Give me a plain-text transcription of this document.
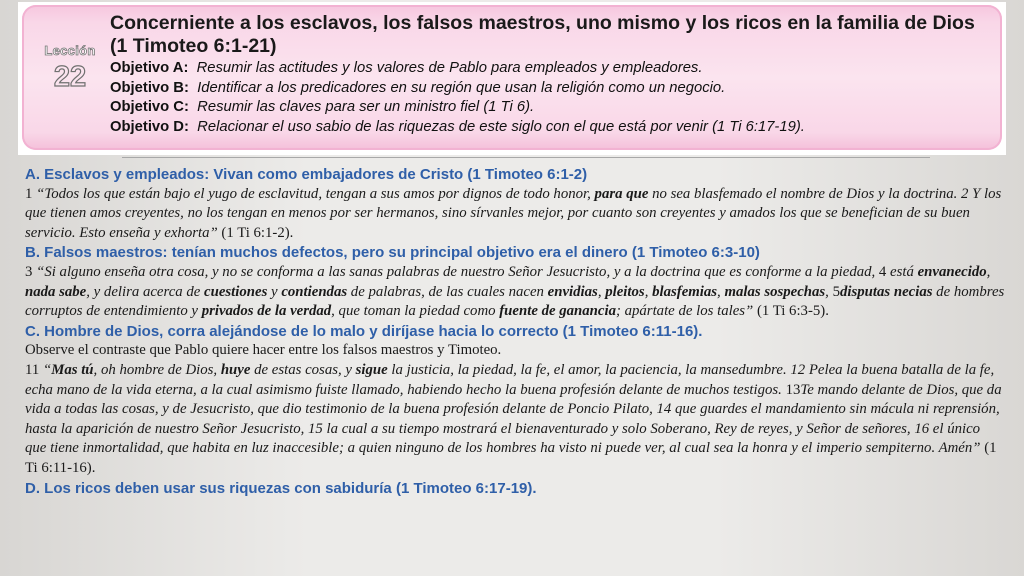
Lección
22
Concerniente a los esclavos, los falsos maestros, uno mismo y los ricos en la familia de Dios (1 Timoteo 6:1-21)
Objetivo A: Resumir las actitudes y los valores de Pablo para empleados y empleadores.
Objetivo B: Identificar a los predicadores en su región que usan la religión como un negocio.
Objetivo C: Resumir las claves para ser un ministro fiel (1 Ti 6).
Objetivo D: Relacionar el uso sabio de las riquezas de este siglo con el que está por venir (1 Ti 6:17-19).
A. Esclavos y empleados: Vivan como embajadores de Cristo (1 Timoteo 6:1-2)

1 “Todos los que están bajo el yugo de esclavitud, tengan a sus amos por dignos de todo honor, para que no sea blasfemado el nombre de Dios y la doctrina. 2 Y los que tienen amos creyentes, no los tengan en menos por ser hermanos, sino sírvanles mejor, por cuanto son creyentes y amados los que se benefician de su buen servicio. Esto enseña y exhorta” (1 Ti 6:1-2).

B. Falsos maestros: tenían muchos defectos, pero su principal objetivo era el dinero (1 Timoteo 6:3-10)

3 “Si alguno enseña otra cosa, y no se conforma a las sanas palabras de nuestro Señor Jesucristo, y a la doctrina que es conforme a la piedad, 4 está envanecido, nada sabe, y delira acerca de cuestiones y contiendas de palabras, de las cuales nacen envidias, pleitos, blasfemias, malas sospechas, 5disputas necias de hombres corruptos de entendimiento y privados de la verdad, que toman la piedad como fuente de ganancia; apártate de los tales” (1 Ti 6:3-5).

C. Hombre de Dios, corra alejándose de lo malo y diríjase hacia lo correcto (1 Timoteo 6:11-16).

Observe el contraste que Pablo quiere hacer entre los falsos maestros y Timoteo.

11 “Mas tú, oh hombre de Dios, huye de estas cosas, y sigue la justicia, la piedad, la fe, el amor, la paciencia, la mansedumbre. 12 Pelea la buena batalla de la fe, echa mano de la vida eterna, a la cual asimismo fuiste llamado, habiendo hecho la buena profesión delante de muchos testigos. 13Te mando delante de Dios, que da vida a todas las cosas, y de Jesucristo, que dio testimonio de la buena profesión delante de Poncio Pilato, 14 que guardes el mandamiento sin mácula ni reprensión, hasta la aparición de nuestro Señor Jesucristo, 15 la cual a su tiempo mostrará el bienaventurado y solo Soberano, Rey de reyes, y Señor de señores, 16 el único que tiene inmortalidad, que habita en luz inaccesible; a quien ninguno de los hombres ha visto ni puede ver, al cual sea la honra y el imperio sempiterno. Amén” (1 Ti 6:11-16).

D. Los ricos deben usar sus riquezas con sabiduría (1 Timoteo 6:17-19).
